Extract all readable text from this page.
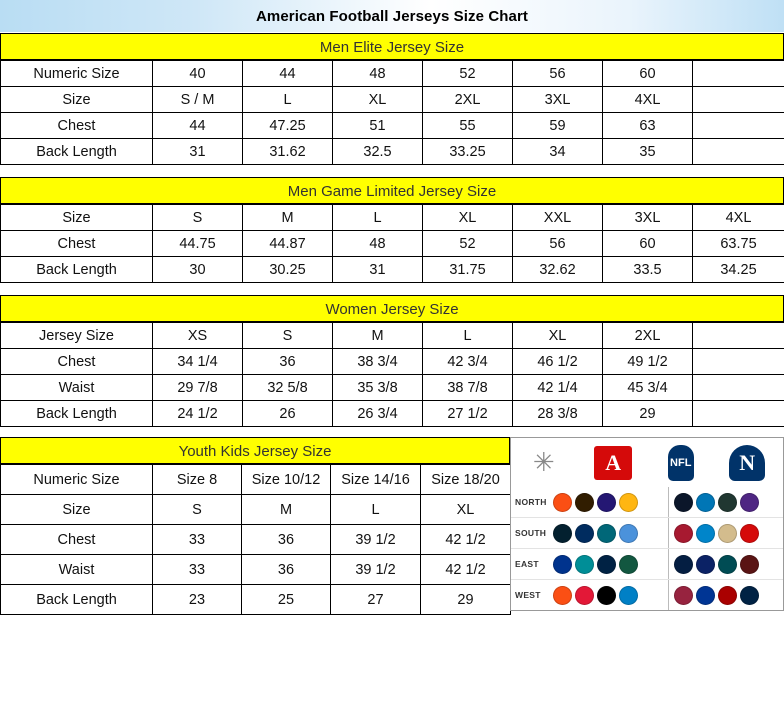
American Football Jerseys Size Chart
Men Elite Jersey Size
Numeric Size	40	44	48	52	56	60	
Size	S / M	L	XL	2XL	3XL	4XL	
Chest	44	47.25	51	55	59	63	
Back Length	31	31.62	32.5	33.25	34	35	
Men Game Limited Jersey Size
Size	S	M	L	XL	XXL	3XL	4XL
Chest	44.75	44.87	48	52	56	60	63.75
Back Length	30	30.25	31	31.75	32.62	33.5	34.25
Women Jersey Size
Jersey Size	XS	S	M	L	XL	2XL	
Chest	34 1/4	36	38 3/4	42 3/4	46 1/2	49 1/2	
Waist	29 7/8	32 5/8	35 3/8	38 7/8	42 1/4	45 3/4	
Back Length	24 1/2	26	26 3/4	27 1/2	28 3/8	29	
Youth Kids Jersey Size
Numeric Size	Size 8	Size 10/12	Size 14/16	Size 18/20
Size	S	M	L	XL
Chest	33	36	39 1/2	42 1/2
Waist	33	36	39 1/2	42 1/2
Back Length	23	25	27	29
✳	A	NFL	N
NORTH
SOUTH
EAST
WEST
